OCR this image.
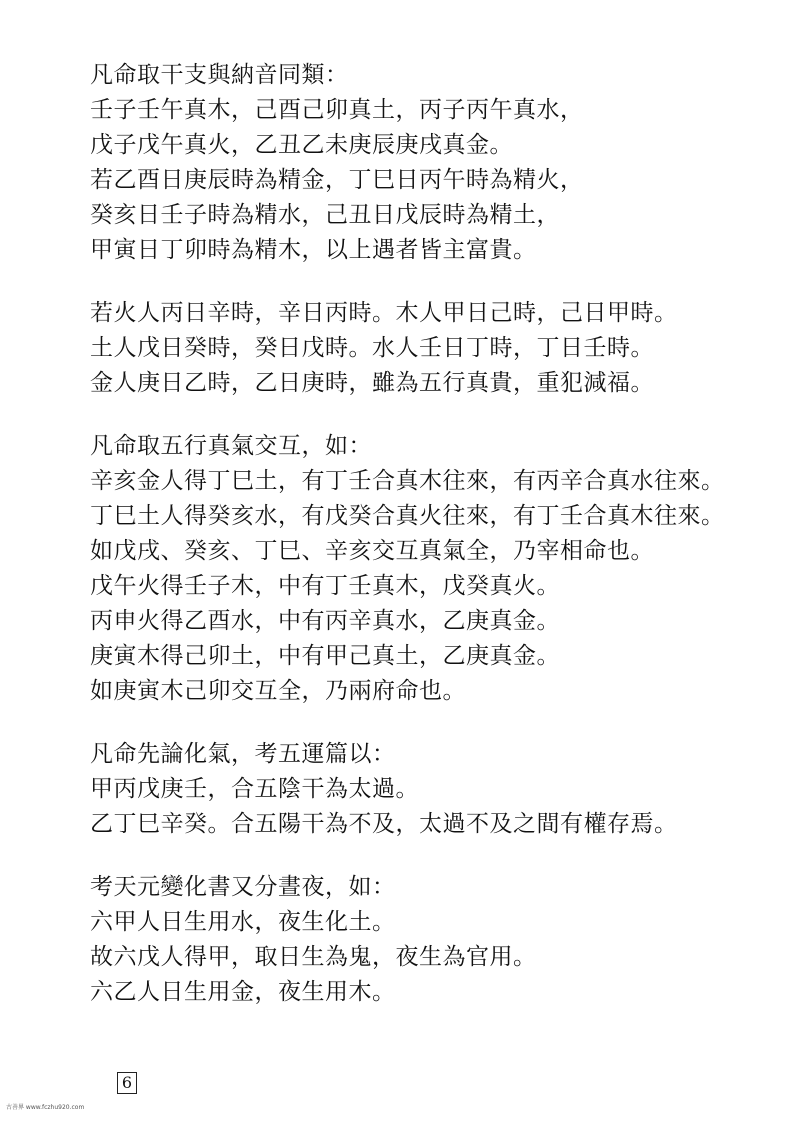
凡命取干支與納音同類：
壬子壬午真木，己酉己卯真土，丙子丙午真水，
戊子戊午真火，乙丑乙未庚辰庚戌真金。
若乙酉日庚辰時為精金，丁巳日丙午時為精火，
癸亥日壬子時為精水，己丑日戊辰時為精土，
甲寅日丁卯時為精木，以上遇者皆主富貴。
若火人丙日辛時，辛日丙時。木人甲日己時，己日甲時。
土人戊日癸時，癸日戊時。水人壬日丁時，丁日壬時。
金人庚日乙時，乙日庚時，雖為五行真貴，重犯減福。
凡命取五行真氣交互，如：
辛亥金人得丁巳土，有丁壬合真木往來，有丙辛合真水往來。
丁巳土人得癸亥水，有戊癸合真火往來，有丁壬合真木往來。
如戊戌、癸亥、丁巳、辛亥交互真氣全，乃宰相命也。
戊午火得壬子木，中有丁壬真木，戊癸真火。
丙申火得乙酉水，中有丙辛真水，乙庚真金。
庚寅木得己卯土，中有甲己真土，乙庚真金。
如庚寅木己卯交互全，乃兩府命也。
凡命先論化氣，考五運篇以：
甲丙戊庚壬，合五陰干為太過。
乙丁巳辛癸。合五陽干為不及，太過不及之間有權存焉。
考天元變化書又分晝夜，如：
六甲人日生用水，夜生化土。
故六戊人得甲，取日生為鬼，夜生為官用。
六乙人日生用金，夜生用木。
6
古善界 www.fczhu920.com
